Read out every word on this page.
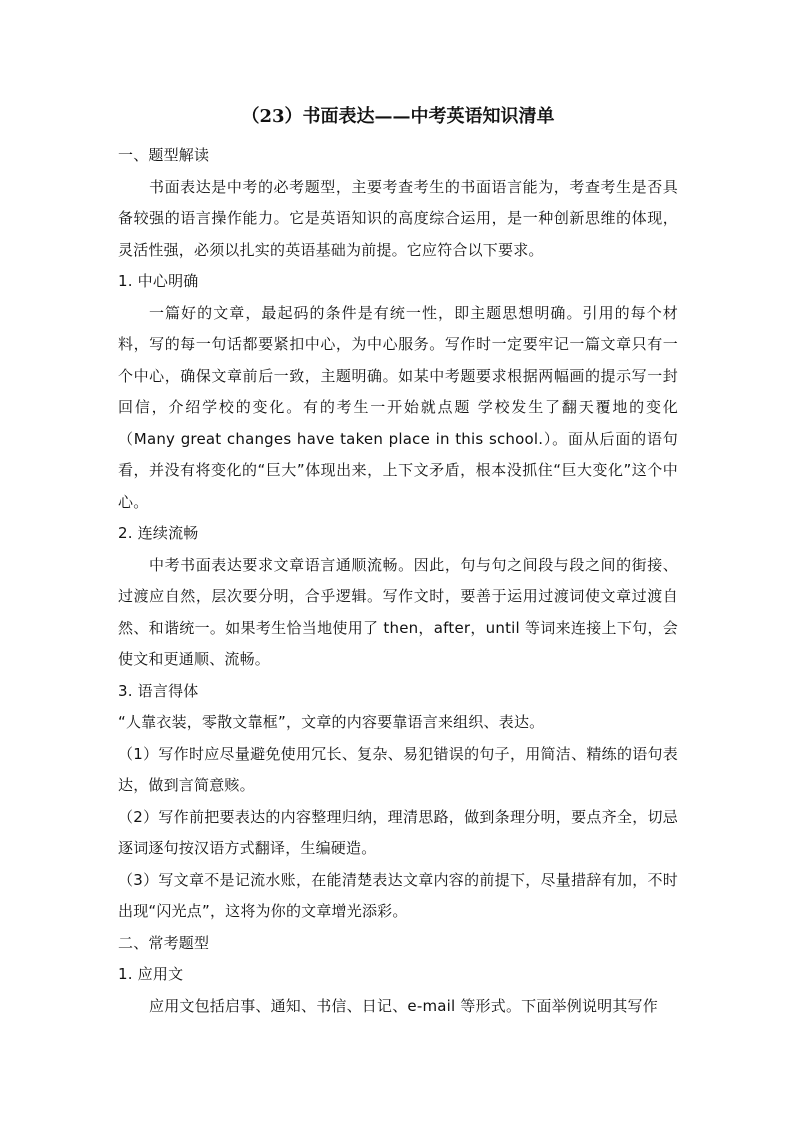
（23）书面表达——中考英语知识清单

一、题型解读

书面表达是中考的必考题型，主要考查考生的书面语言能为，考查考生是否具备较强的语言操作能力。它是英语知识的高度综合运用，是一种创新思维的体现，灵活性强，必须以扎实的英语基础为前提。它应符合以下要求。

1. 中心明确

一篇好的文章，最起码的条件是有统一性，即主题思想明确。引用的每个材料，写的每一句话都要紧扣中心，为中心服务。写作时一定要牢记一篇文章只有一个中心，确保文章前后一致，主题明确。如某中考题要求根据两幅画的提示写一封回信，介绍学校的变化。有的考生一开始就点题 学校发生了翻天覆地的变化（Many great changes have taken place in this school.）。面从后面的语句看，并没有将变化的“巨大”体现出来，上下文矛盾，根本没抓住“巨大变化”这个中心。

2. 连续流畅

中考书面表达要求文章语言通顺流畅。因此，句与句之间段与段之间的街接、过渡应自然，层次要分明，合乎逻辑。写作文时，要善于运用过渡词使文章过渡自然、和谐统一。如果考生恰当地使用了 then，after，until 等词来连接上下句，会使文和更通顺、流畅。

3. 语言得体

“人靠衣装，零散文靠框”，文章的内容要靠语言来组织、表达。

（1）写作时应尽量避免使用冗长、复杂、易犯错误的句子，用简洁、精练的语句表达，做到言简意赅。

（2）写作前把要表达的内容整理归纳，理清思路，做到条理分明，要点齐全，切忌逐词逐句按汉语方式翻译，生编硬造。

（3）写文章不是记流水账，在能清楚表达文章内容的前提下，尽量措辞有加，不时出现“闪光点”，这将为你的文章增光添彩。

二、常考题型

1. 应用文

应用文包括启事、通知、书信、日记、e-mail 等形式。下面举例说明其写作
